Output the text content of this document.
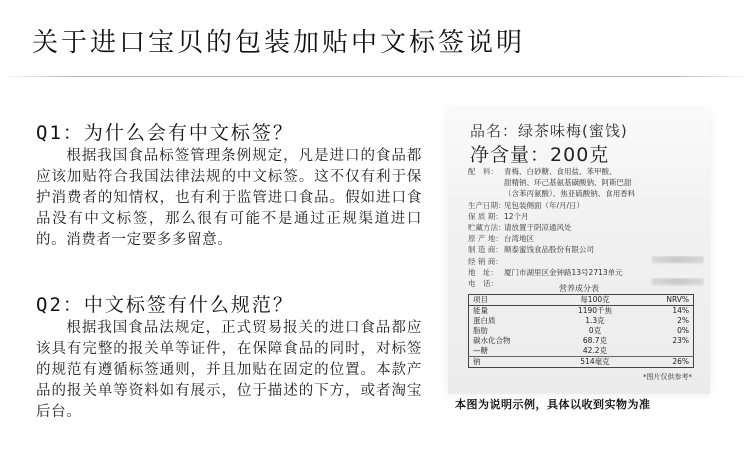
关于进口宝贝的包装加贴中文标签说明
Q1：为什么会有中文标签？
根据我国食品标签管理条例规定，凡是进口的食品都应该加贴符合我国法律法规的中文标签。这不仅有利于保护消费者的知情权，也有利于监管进口食品。假如进口食品没有中文标签，那么很有可能不是通过正规渠道进口的。消费者一定要多多留意。
Q2：中文标签有什么规范？
根据我国食品法规定，正式贸易报关的进口食品都应该具有完整的报关单等证件，在保障食品的同时，对标签的规范有遵循标签通则，并且加贴在固定的位置。本款产品的报关单等资料如有展示，位于描述的下方，或者淘宝后台。
品名：绿茶味梅(蜜饯)
净含量：200克
配　料： 青梅、白砂糖、食用盐、苯甲酸、
甜精钠、环己基氨基磺酸钠、阿斯巴甜
（含苯丙氨酸）、焦亚硫酸钠、食用香料
生产日期：
见包装侧面（年/月/日）
保 质 期： 12个月
贮藏方法：
请放置于阴凉通风处
原 产 地： 台湾地区
制 造 商： 顺泰蜜饯食品股份有限公司
经 销 商：
地　址： 厦门市湖里区金钟路13号2713单元
电　话：
营养成分表
项目	每100克	NRV%
能量	1190千焦	14%
蛋白质	1.3克	2%
脂肪	0克	0%
碳水化合物	68.7克	23%
—糖	42.2克	
钠	514毫克	26%
*图片仅供参考*
本图为说明示例，具体以收到实物为准
